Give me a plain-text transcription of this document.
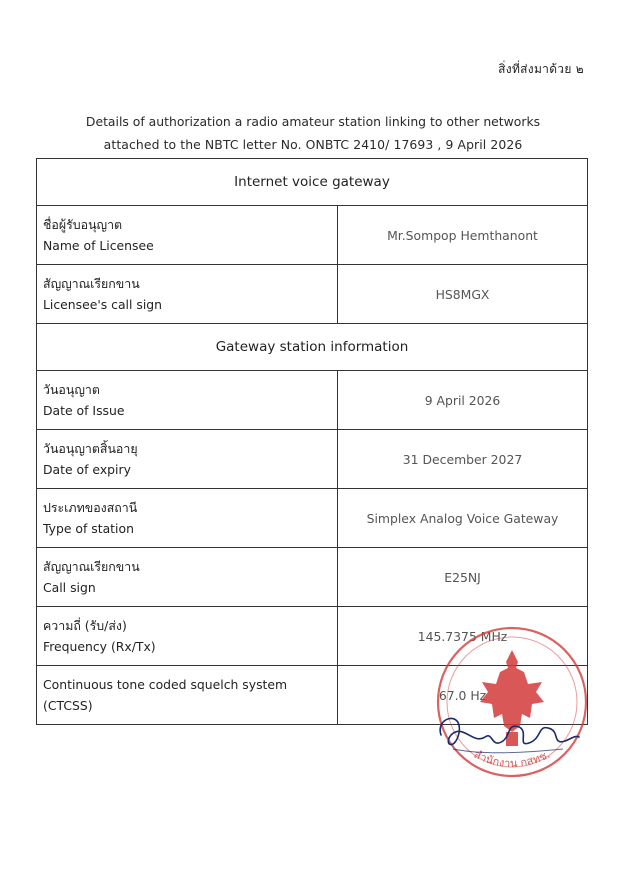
สิ่งที่ส่งมาด้วย ๒
Details of authorization a radio amateur station linking to other networks
attached to the NBTC letter No. ONBTC 2410/ 17693 , 9 April 2026
Internet voice gateway	

ชื่อผู้รับอนุญาต
Name of Licensee	Mr.Sompop Hemthanont

สัญญาณเรียกขาน
Licensee's call sign	HS8MGX
Gateway station information	

วันอนุญาต
Date of Issue	9 April 2026

วันอนุญาตสิ้นอายุ
Date of expiry	31 December 2027

ประเภทของสถานี
Type of station	Simplex Analog Voice Gateway

สัญญาณเรียกขาน
Call sign	E25NJ

ความถี่ (รับ/ส่ง)
Frequency (Rx/Tx)	145.7375 MHz

Continuous tone coded squelch system
(CTCSS)	67.0 Hz
สำนักงาน กสทช.
